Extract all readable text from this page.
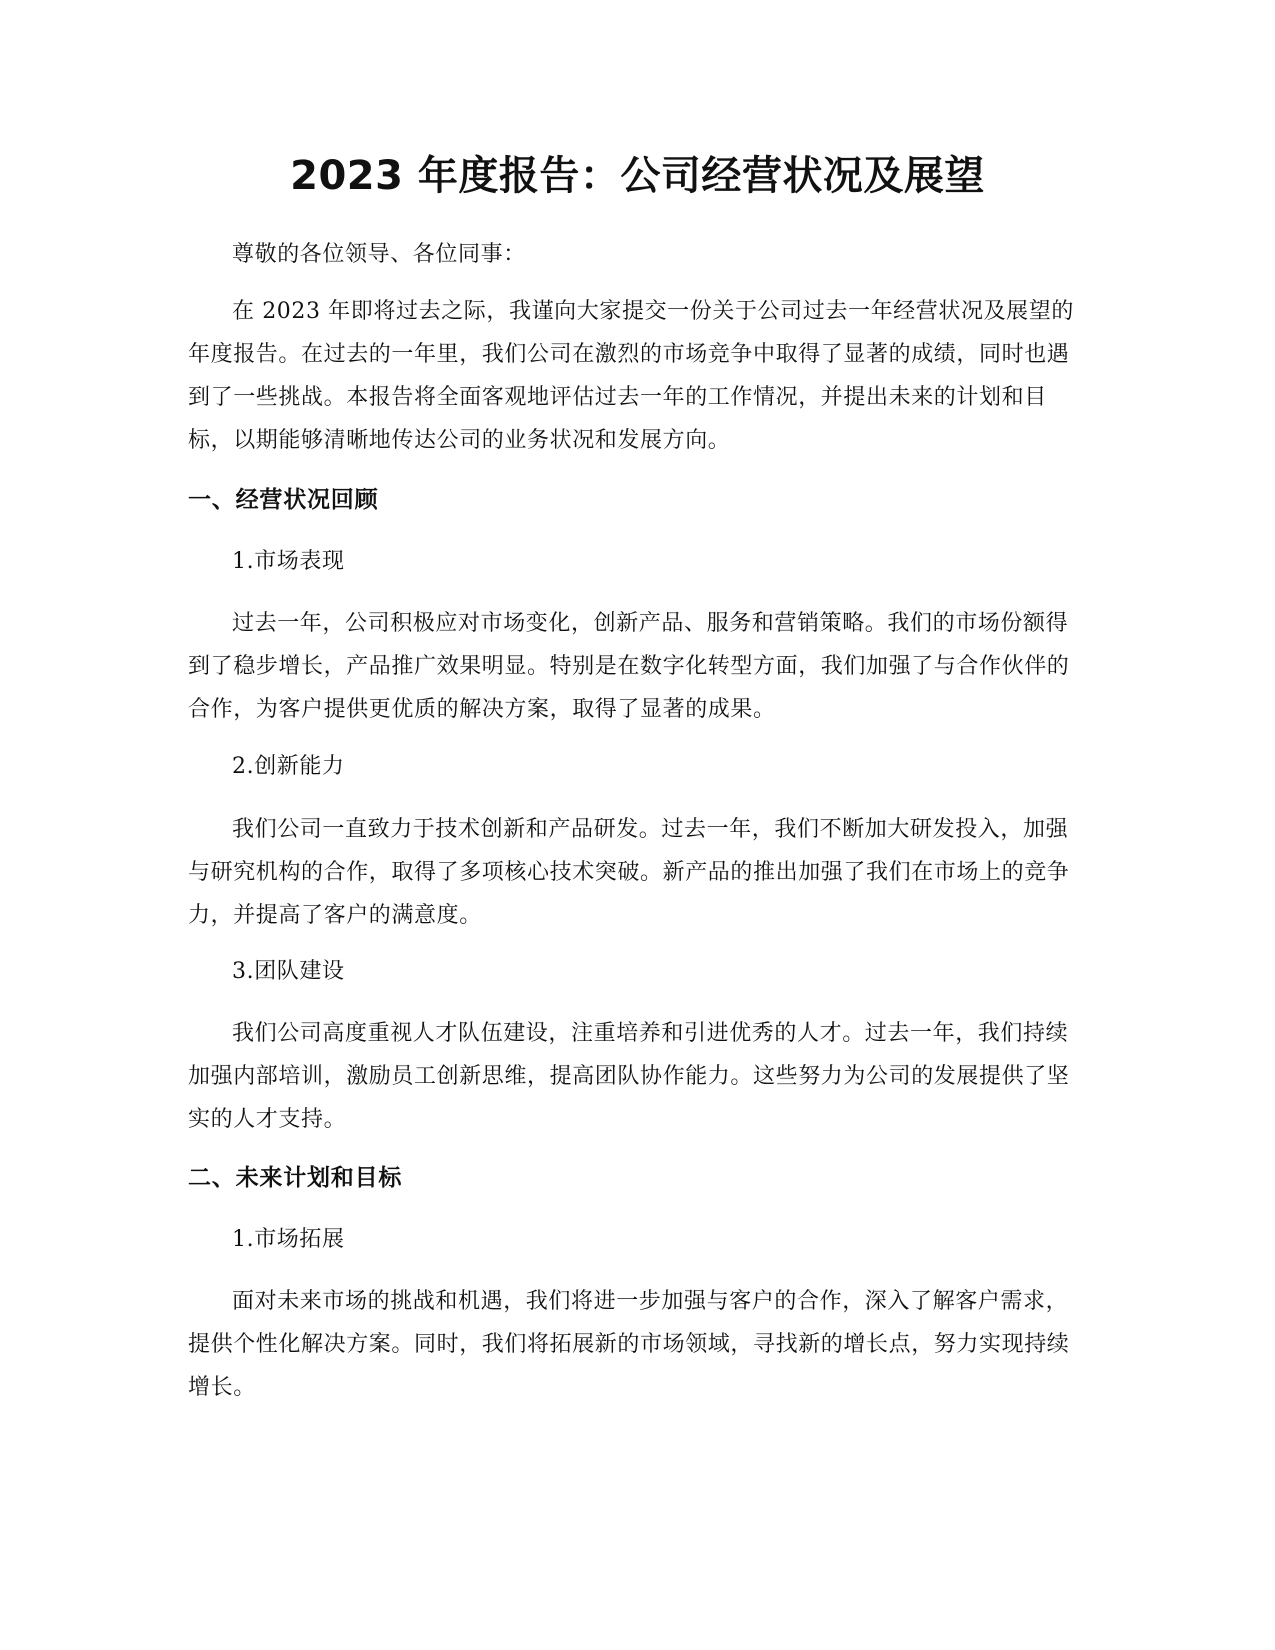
2023 年度报告：公司经营状况及展望

尊敬的各位领导、各位同事：

在 2023 年即将过去之际，我谨向大家提交一份关于公司过去一年经营状况及展望的年度报告。在过去的一年里，我们公司在激烈的市场竞争中取得了显著的成绩，同时也遇到了一些挑战。本报告将全面客观地评估过去一年的工作情况，并提出未来的计划和目标，以期能够清晰地传达公司的业务状况和发展方向。

一、经营状况回顾

1.市场表现

过去一年，公司积极应对市场变化，创新产品、服务和营销策略。我们的市场份额得到了稳步增长，产品推广效果明显。特别是在数字化转型方面，我们加强了与合作伙伴的合作，为客户提供更优质的解决方案，取得了显著的成果。

2.创新能力

我们公司一直致力于技术创新和产品研发。过去一年，我们不断加大研发投入，加强与研究机构的合作，取得了多项核心技术突破。新产品的推出加强了我们在市场上的竞争力，并提高了客户的满意度。

3.团队建设

我们公司高度重视人才队伍建设，注重培养和引进优秀的人才。过去一年，我们持续加强内部培训，激励员工创新思维，提高团队协作能力。这些努力为公司的发展提供了坚实的人才支持。

二、未来计划和目标

1.市场拓展

面对未来市场的挑战和机遇，我们将进一步加强与客户的合作，深入了解客户需求，提供个性化解决方案。同时，我们将拓展新的市场领域，寻找新的增长点，努力实现持续增长。
